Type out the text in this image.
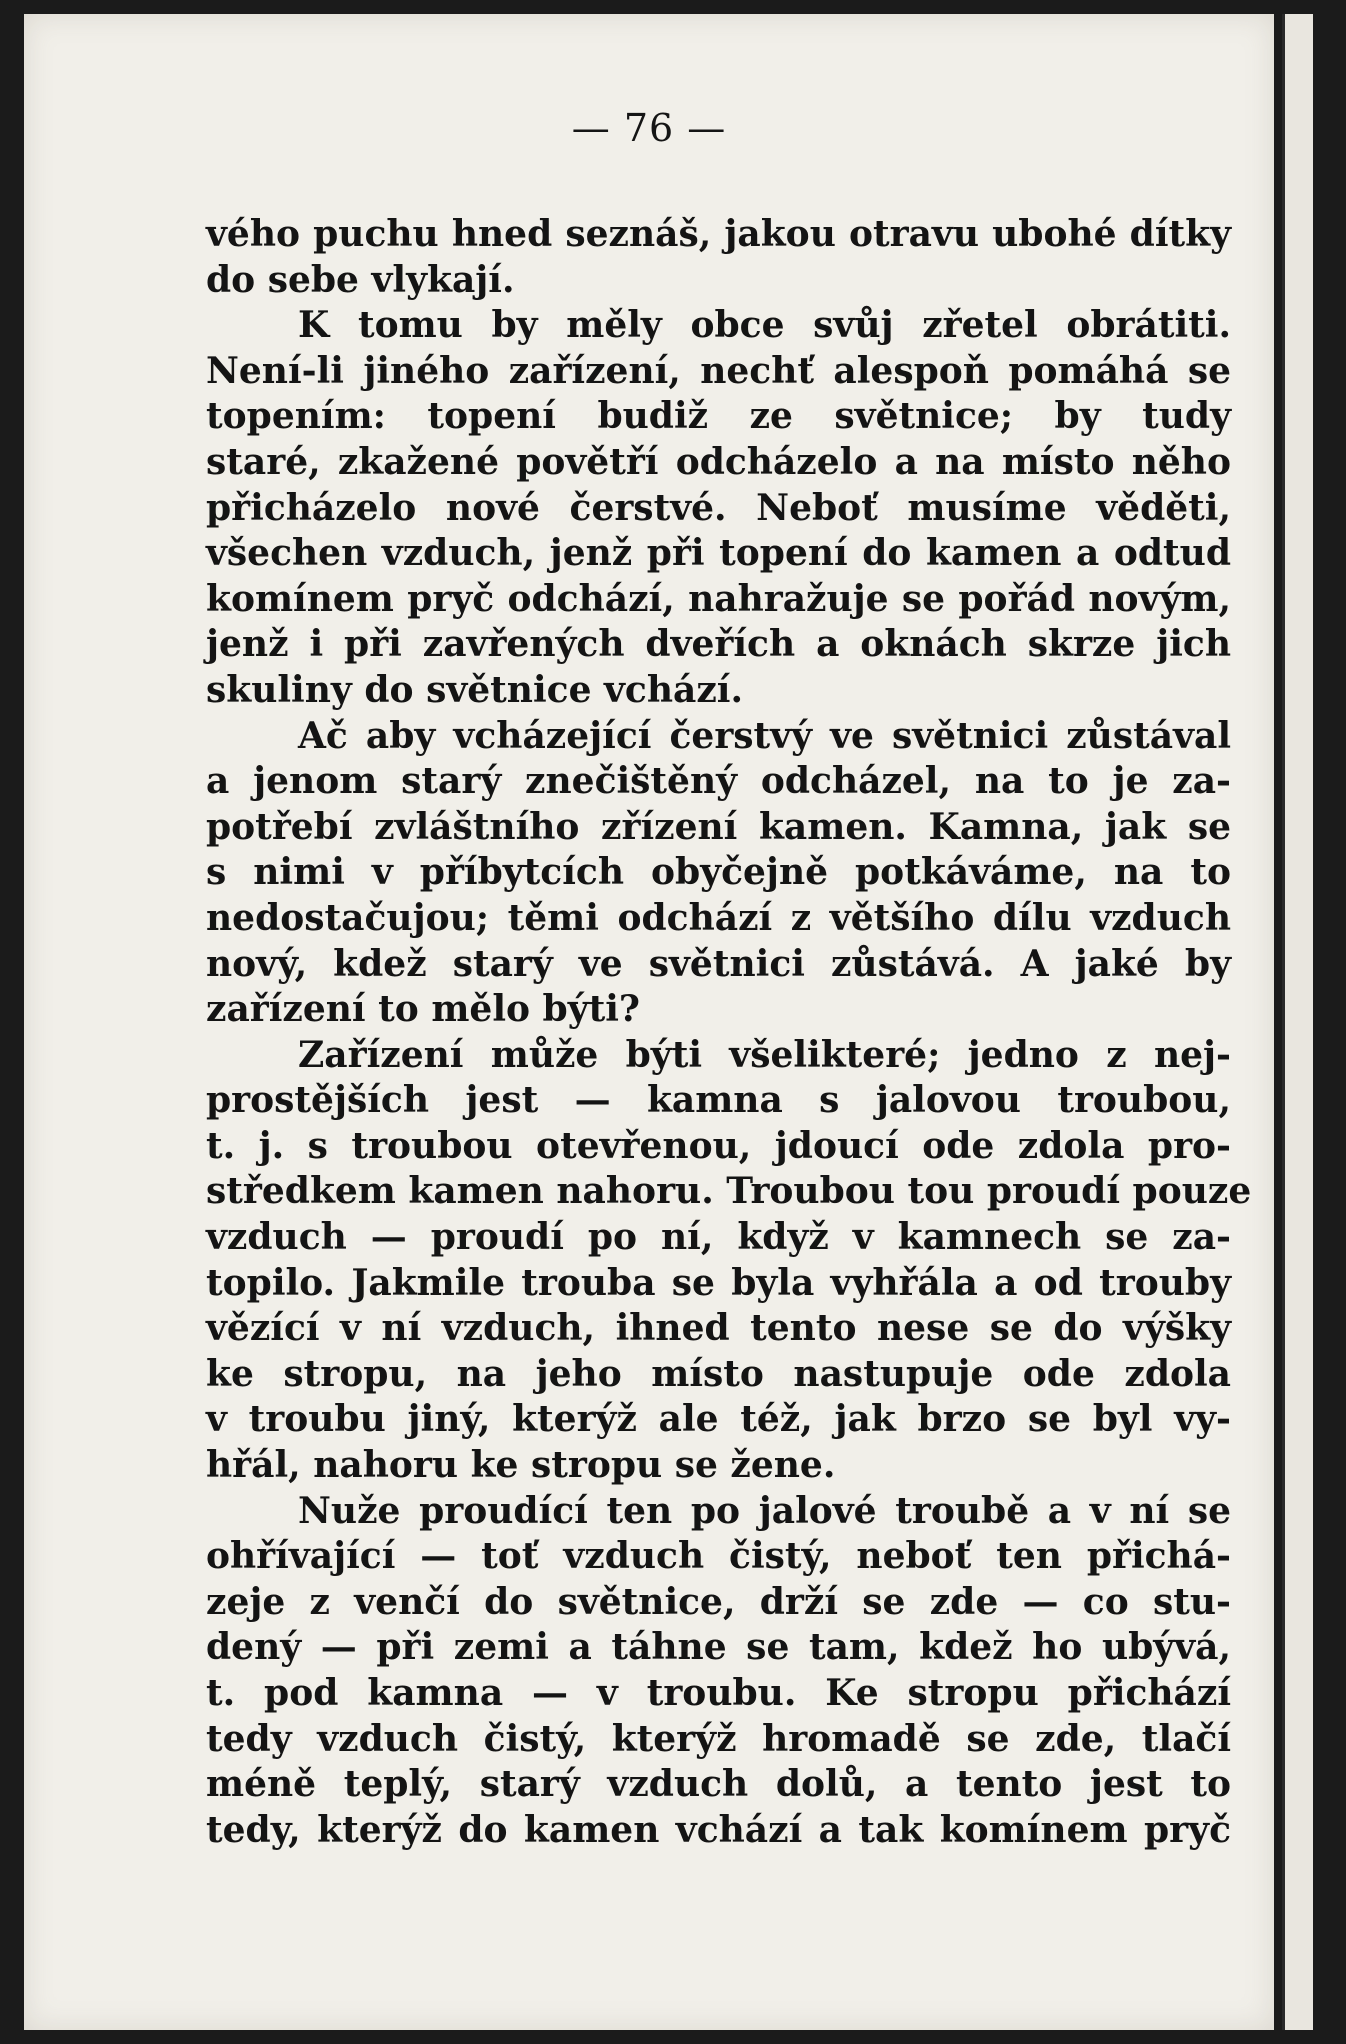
— 76 —
vého puchu hned seznáš, jakou otravu ubohé dítky
do sebe vlykají.
K tomu by měly obce svůj zřetel obrátiti.
Není-li jiného zařízení, nechť alespoň pomáhá se
topením: topení budiž ze světnice; by tudy
staré, zkažené povětří odcházelo a na místo něho
přicházelo nové čerstvé. Neboť musíme věděti,
všechen vzduch, jenž při topení do kamen a odtud
komínem pryč odchází, nahražuje se pořád novým,
jenž i při zavřených dveřích a oknách skrze jich
skuliny do světnice vchází.
Ač aby vcházející čerstvý ve světnici zůstával
a jenom starý znečištěný odcházel, na to je za-
potřebí zvláštního zřízení kamen. Kamna, jak se
s nimi v příbytcích obyčejně potkáváme, na to
nedostačujou; těmi odchází z většího dílu vzduch
nový, kdež starý ve světnici zůstává. A jaké by
zařízení to mělo býti?
Zařízení může býti všelikteré; jedno z nej-
prostějších jest — kamna s jalovou troubou,
t. j. s troubou otevřenou, jdoucí ode zdola pro-
středkem kamen nahoru. Troubou tou proudí pouze
vzduch — proudí po ní, když v kamnech se za-
topilo. Jakmile trouba se byla vyhřála a od trouby
vězící v ní vzduch, ihned tento nese se do výšky
ke stropu, na jeho místo nastupuje ode zdola
v troubu jiný, kterýž ale též, jak brzo se byl vy-
hřál, nahoru ke stropu se žene.
Nuže proudící ten po jalové troubě a v ní se
ohřívající — toť vzduch čistý, neboť ten přichá-
zeje z venčí do světnice, drží se zde — co stu-
dený — při zemi a táhne se tam, kdež ho ubývá,
t. pod kamna — v troubu. Ke stropu přichází
tedy vzduch čistý, kterýž hromadě se zde, tlačí
méně teplý, starý vzduch dolů, a tento jest to
tedy, kterýž do kamen vchází a tak komínem pryč
